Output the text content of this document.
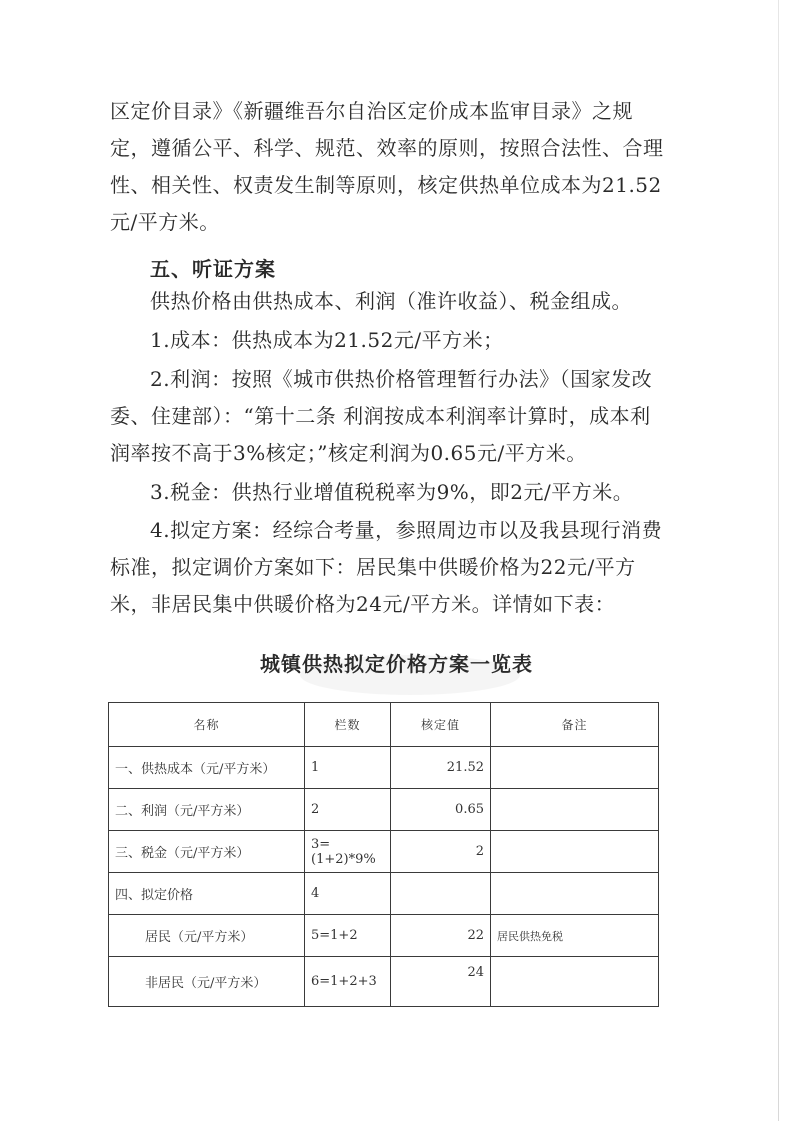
区定价目录》《新疆维吾尔自治区定价成本监审目录》之规定，遵循公平、科学、规范、效率的原则，按照合法性、合理性、相关性、权责发生制等原则，核定供热单位成本为21.52元/平方米。

五、听证方案

供热价格由供热成本、利润（准许收益）、税金组成。

1.成本：供热成本为21.52元/平方米；

2.利润：按照《城市供热价格管理暂行办法》（国家发改委、住建部）：“第十二条 利润按成本利润率计算时，成本利润率按不高于3%核定；”核定利润为0.65元/平方米。

3.税金：供热行业增值税税率为9%，即2元/平方米。

4.拟定方案：经综合考量，参照周边市以及我县现行消费标准，拟定调价方案如下：居民集中供暖价格为22元/平方米，非居民集中供暖价格为24元/平方米。详情如下表：

城镇供热拟定价格方案一览表

名称	栏数	核定值	备注
一、供热成本（元/平方米）	1	21.52	
二、利润（元/平方米）	2	0.65	
三、税金（元/平方米）	3=(1+2)*9%	2	
四、拟定价格	4		
居民（元/平方米）	5=1+2	22	居民供热免税
非居民（元/平方米）	6=1+2+3	24	
